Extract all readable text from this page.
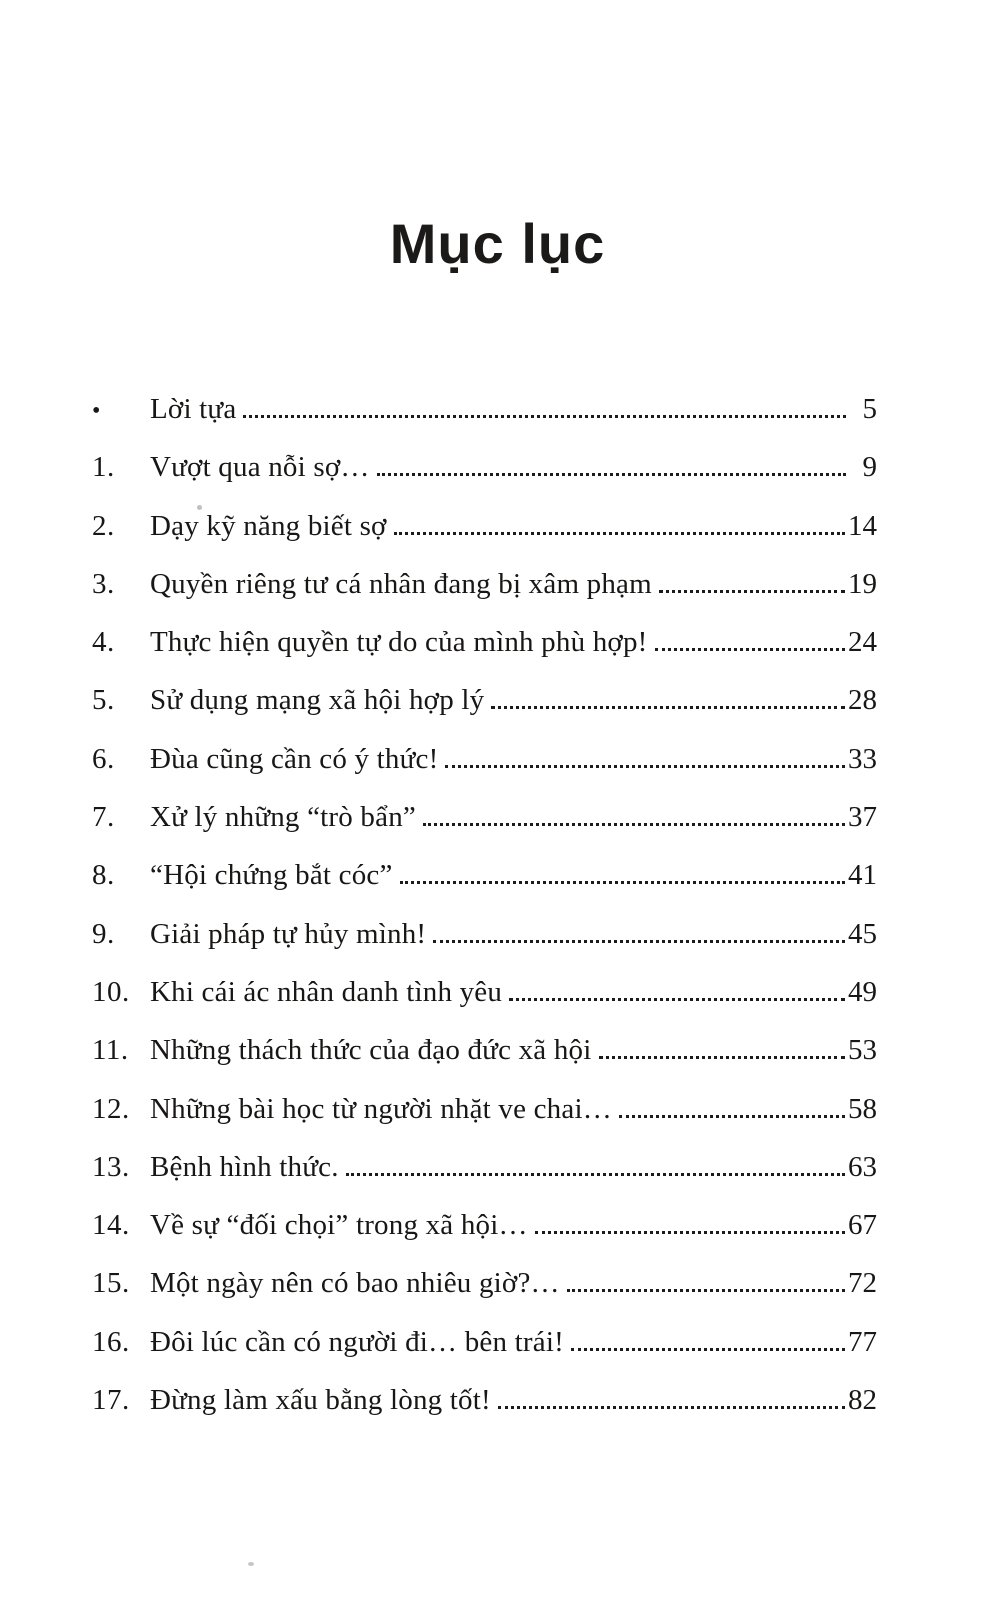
Mục lục
•	Lời tựa	5
1.	Vượt qua nỗi sợ…	9
2.	Dạy kỹ năng biết sợ	14
3.	Quyền riêng tư cá nhân đang bị xâm phạm	19
4.	Thực hiện quyền tự do của mình phù hợp!	24
5.	Sử dụng mạng xã hội hợp lý	28
6.	Đùa cũng cần có ý thức!	33
7.	Xử lý những “trò bẩn”	37
8.	“Hội chứng bắt cóc”	41
9.	Giải pháp tự hủy mình!	45
10. Khi cái ác nhân danh tình yêu	49
11. Những thách thức của đạo đức xã hội	53
12. Những bài học từ người nhặt ve chai…	58
13. Bệnh hình thức.	63
14. Về sự “đối chọi” trong xã hội…	67
15. Một ngày nên có bao nhiêu giờ?…	72
16. Đôi lúc cần có người đi… bên trái!	77
17. Đừng làm xấu bằng lòng tốt!	82
